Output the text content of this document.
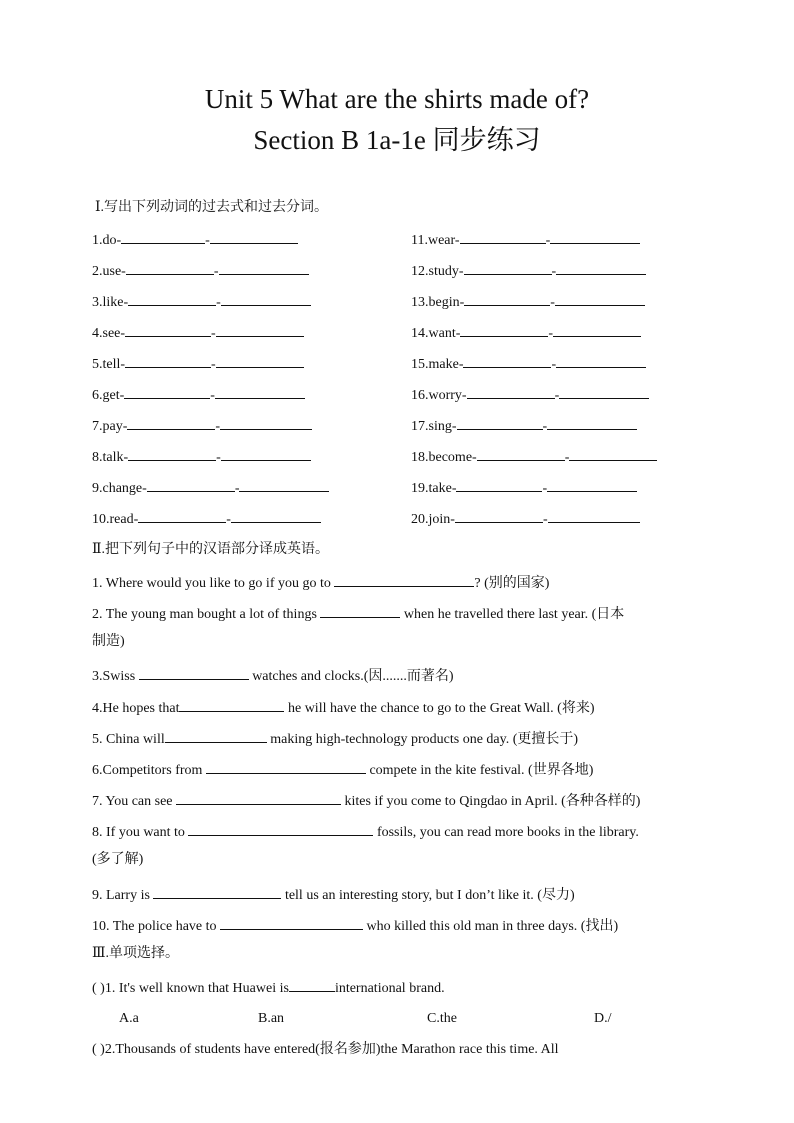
Unit 5 What are the shirts made of?
Section B 1a-1e 同步练习
Ⅰ.写出下列动词的过去式和过去分词。
1.do-	-
2.use-	-
3.like-	-
4.see-	-
5.tell-	-
6.get-	-
7.pay-	-
8.talk-	-
9.change-	-
10.read-	-
11.wear-	-
12.study-	-
13.begin-	-
14.want-	-
15.make-	-
16.worry-	-
17.sing-	-
18.become-	-
19.take-	-
20.join-	-
Ⅱ.把下列句子中的汉语部分译成英语。
1. Where would you like to go if you go to	? (别的国家)
2. The young man bought a lot of things	when he travelled there last year. (日本
制造)
3.Swiss	watches and clocks.(因.......而著名)
4.He hopes that	he will have the chance to go to the Great Wall. (将来)
5. China will	making high-technology products one day. (更擅长于)
6.Competitors from	compete in the kite festival. (世界各地)
7. You can see	kites if you come to Qingdao in April. (各种各样的)
8. If you want to	fossils, you can read more books in the library.
(多了解)
9. Larry is	tell us an interesting story, but I don’t like it. (尽力)
10. The police have to	who killed this old man in three days. (找出)
Ⅲ.单项选择。
( )1. It's well known that Huawei is	international brand.
A.a	B.an	C.the	D./
( )2.Thousands of students have entered(报名参加)the Marathon race this time. All
